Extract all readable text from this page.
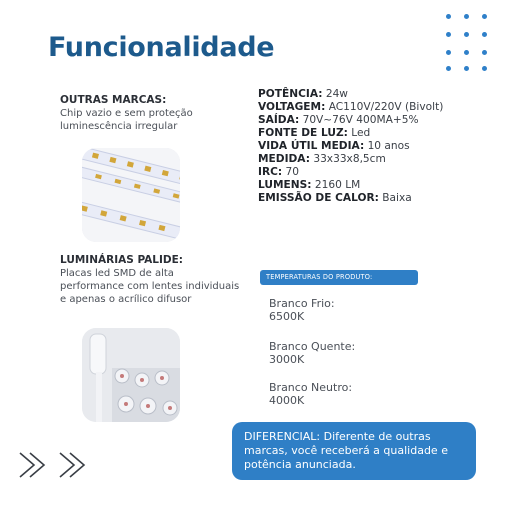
Funcionalidade
OUTRAS MARCAS:
Chip vazio e sem proteção luminescência irregular
LUMINÁRIAS PALIDE:
Placas led SMD de alta performance com lentes individuais e apenas o acrílico difusor
POTÊNCIA: 24w
VOLTAGEM: AC110V/220V (Bivolt)
SAÍDA: 70V~76V 400MA+5%
FONTE DE LUZ: Led
VIDA ÚTIL MEDIA: 10 anos
MEDIDA: 33x33x8,5cm
IRC: 70
LUMENS: 2160 LM
EMISSÃO DE CALOR: Baixa
TEMPERATURAS DO PRODUTO:
Branco Frio:
6500K
Branco Quente:
3000K
Branco Neutro:
4000K
DIFERENCIAL: Diferente de outras marcas, você receberá a qualidade e potência anunciada.
